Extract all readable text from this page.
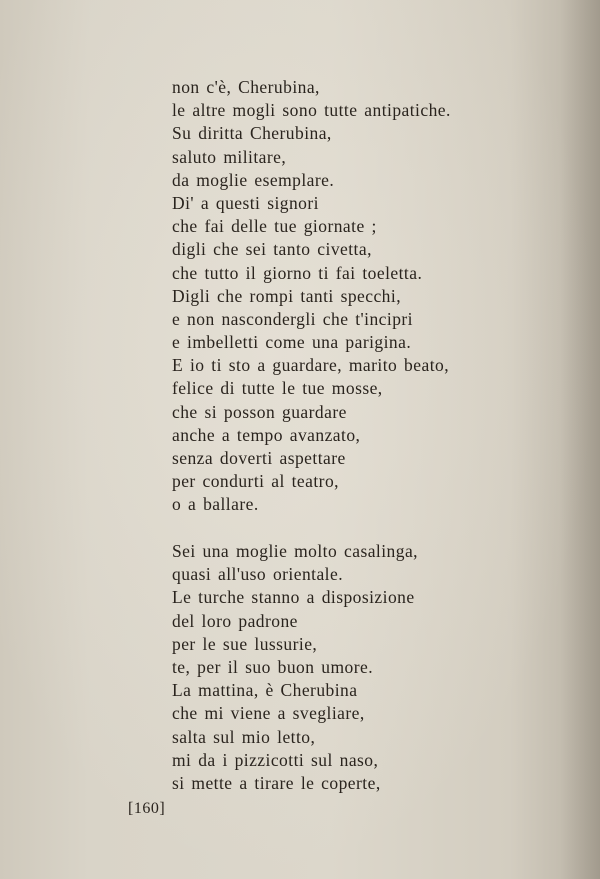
non c'è, Cherubina,
le altre mogli sono tutte antipatiche.
Su diritta Cherubina,
saluto militare,
da moglie esemplare.
Di' a questi signori
che fai delle tue giornate ;
digli che sei tanto civetta,
che tutto il giorno ti fai toeletta.
Digli che rompi tanti specchi,
e non nascondergli che t'incipri
e imbelletti come una parigina.
E io ti sto a guardare, marito beato,
felice di tutte le tue mosse,
che si posson guardare
anche a tempo avanzato,
senza doverti aspettare
per condurti al teatro,
o a ballare.
Sei una moglie molto casalinga,
quasi all'uso orientale.
Le turche stanno a disposizione
del loro padrone
per le sue lussurie,
te, per il suo buon umore.
La mattina, è Cherubina
che mi viene a svegliare,
salta sul mio letto,
mi da i pizzicotti sul naso,
si mette a tirare le coperte,
[160]
